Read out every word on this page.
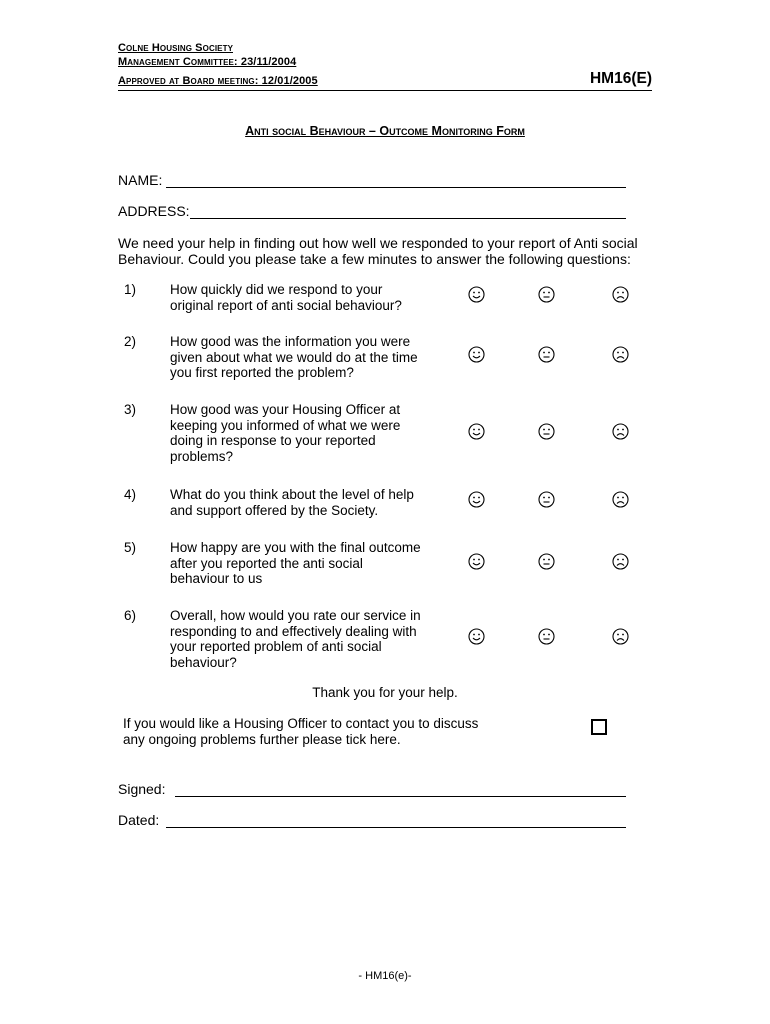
Colne Housing Society
Management Committee: 23/11/2004
Approved at Board meeting: 12/01/2005	HM16(E)
Anti social Behaviour – Outcome Monitoring Form
NAME:
ADDRESS:

We need your help in finding out how well we responded to your report of Anti social

Behaviour. Could you please take a few minutes to answer the following questions:

1)	How quickly did we respond to your
original report of anti social behaviour?
2)	How good was the information you were
given about what we would do at the time
you first reported the problem?
3)	How good was your Housing Officer at
keeping you informed of what we were
doing in response to your reported
problems?
4)	What do you think about the level of help
and support offered by the Society.
5)	How happy are you with the final outcome
after you reported the anti social
behaviour to us
6)	Overall, how would you rate our service in
responding to and effectively dealing with
your reported problem of anti social
behaviour?
Thank you for your help.
If you would like a Housing Officer to contact you to discuss
any ongoing problems further please tick here.
Signed:
Dated:
- HM16(e)-
